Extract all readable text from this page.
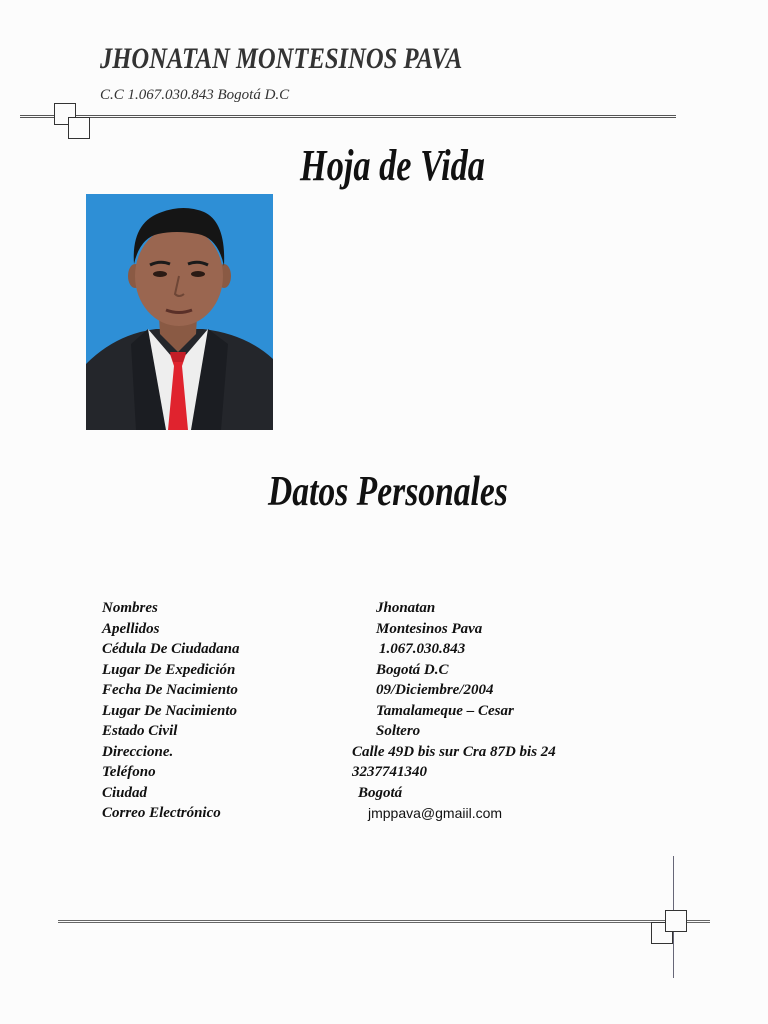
JHONATAN MONTESINOS PAVA
C.C 1.067.030.843 Bogotá D.C
Hoja de Vida
Datos Personales
Nombres	Jhonatan
Apellidos	Montesinos Pava
Cédula De Ciudadana	1.067.030.843
Lugar De Expedición	Bogotá D.C
Fecha De Nacimiento	09/Diciembre/2004
Lugar De Nacimiento	Tamalameque – Cesar
Estado Civil	Soltero
Direccione.	Calle 49D bis sur Cra 87D bis 24
Teléfono	3237741340
Ciudad	Bogotá
Correo Electrónico	jmppava@gmaiil.com
